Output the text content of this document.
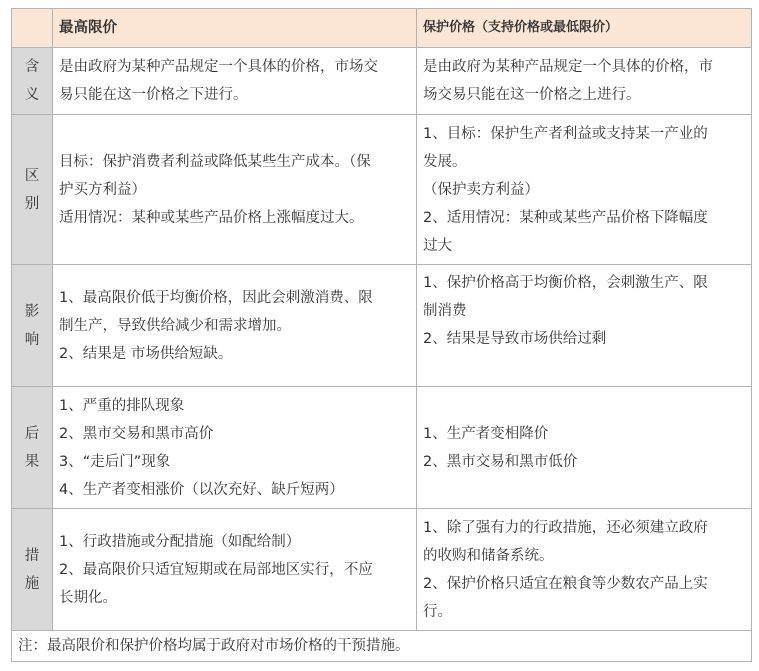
	最高限价	保护价格（支持价格或最低限价）

含
义	是由政府为某种产品规定一个具体的价格，市场交
易只能在这一价格之下进行。	是由政府为某种产品规定一个具体的价格，市
场交易只能在这一价格之上进行。

区
别	目标：保护消费者利益或降低某些生产成本。（保
护买方利益）
适用情况：某种或某些产品价格上涨幅度过大。	1、目标：保护生产者利益或支持某一产业的
发展。
（保护卖方利益）
2、适用情况：某种或某些产品价格下降幅度
过大

影
响	1、最高限价低于均衡价格，因此会刺激消费、限
制生产，导致供给减少和需求增加。
2、结果是 市场供给短缺。	1、保护价格高于均衡价格，会刺激生产、限
制消费
2、结果是导致市场供给过剩

后
果	1、严重的排队现象
2、黑市交易和黑市高价
3、“走后门”现象
4、生产者变相涨价（以次充好、缺斤短两）	1、生产者变相降价
2、黑市交易和黑市低价

措
施	1、行政措施或分配措施（如配给制）
2、最高限价只适宜短期或在局部地区实行，不应
长期化。	1、除了强有力的行政措施，还必须建立政府
的收购和储备系统。
2、保护价格只适宜在粮食等少数农产品上实
行。

注：最高限价和保护价格均属于政府对市场价格的干预措施。		
